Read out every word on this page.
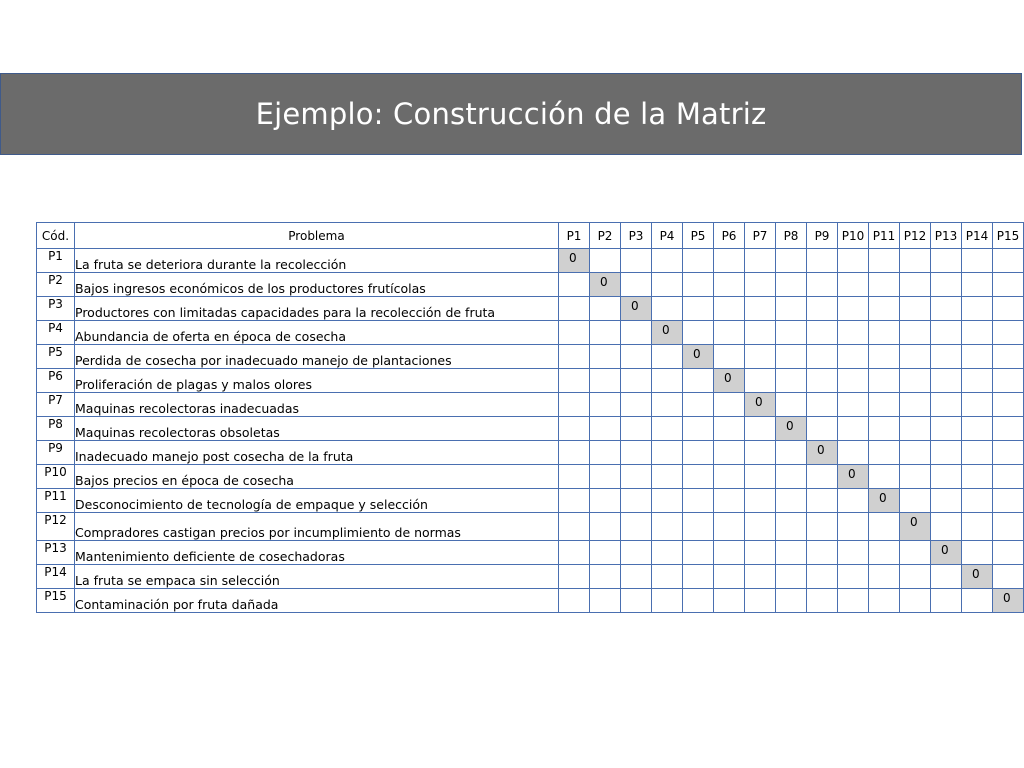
Ejemplo: Construcción de la Matriz
Cód.	Problema	P1	P2	P3	P4	P5	P6	P7	P8	P9	P10	P11	P12	P13	P14	P15
P1	La fruta se deteriora durante la recolección	0														
P2	Bajos ingresos económicos de los productores frutícolas		0													
P3	Productores con limitadas capacidades para la recolección de fruta			0												
P4	Abundancia de oferta en época de cosecha				0											
P5	Perdida de cosecha por inadecuado manejo de plantaciones					0										
P6	Proliferación de plagas y malos olores						0									
P7	Maquinas recolectoras inadecuadas							0								
P8	Maquinas recolectoras obsoletas								0							
P9	Inadecuado manejo post cosecha de la fruta									0						
P10	Bajos precios en época de cosecha										0					
P11	Desconocimiento de tecnología de empaque y selección											0				
P12	Compradores castigan precios por incumplimiento de normas												0			
P13	Mantenimiento deficiente de cosechadoras													0		
P14	La fruta se empaca sin selección														0	
P15	Contaminación por fruta dañada															0
